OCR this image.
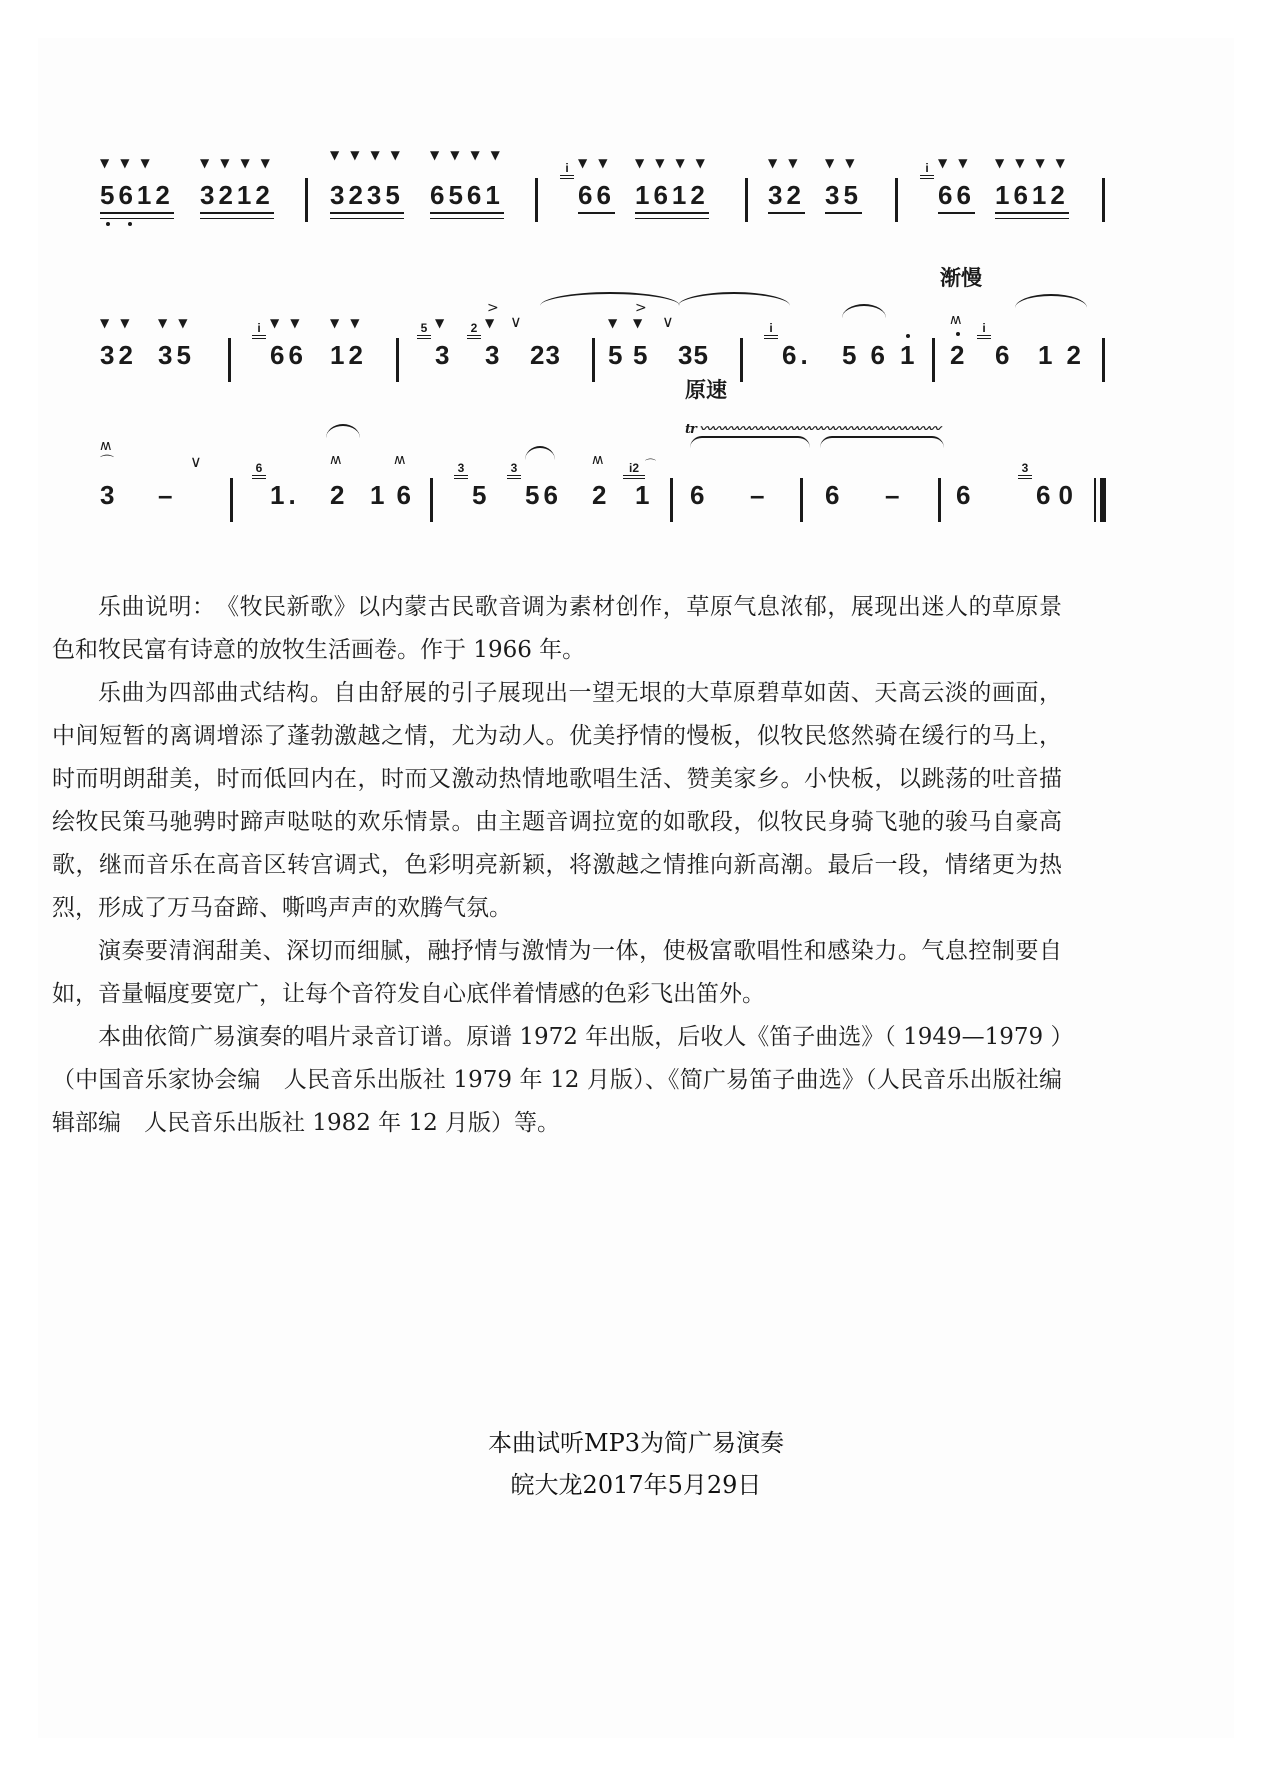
▼▼▼
5612
▼▼▼▼
3212
▼▼▼▼
3235
▼▼▼▼
6561
i ▼▼
66
▼▼▼▼
1612
▼▼
32
▼▼
35
i ▼▼
66
▼▼▼▼
1612
渐慢
▼▼
32
▼▼
35
i ▼▼
66
▼▼
12
5 ▼
3
>
2 ▼
3
∨
23
▼
5
>
▼
5
∨
35
i
6. 56 1
ʍ
2
i
6 12
原速
tr 〰〰〰〰〰〰〰〰〰〰〰〰〰〰〰〰〰〰〰〰
ʍ
⌒
3 –
∨	6
1.
ʍ
2
ʍ
16
3
5
3
56
ʍ
2
i2 ⌒
1 6 – 6 – 6
3
60

乐曲说明：　《牧民新歌》以内蒙古民歌音调为素材创作，草原气息浓郁，展现出迷人的草原景色和牧民富有诗意的放牧生活画卷。作于 1966 年。

乐曲为四部曲式结构。自由舒展的引子展现出一望无垠的大草原碧草如茵、天高云淡的画面，中间短暂的离调增添了蓬勃激越之情，尤为动人。优美抒情的慢板，似牧民悠然骑在缓行的马上，时而明朗甜美，时而低回内在，时而又激动热情地歌唱生活、赞美家乡。小快板，以跳荡的吐音描绘牧民策马驰骋时蹄声哒哒的欢乐情景。由主题音调拉宽的如歌段，似牧民身骑飞驰的骏马自豪高歌，继而音乐在高音区转宫调式，色彩明亮新颖，将激越之情推向新高潮。最后一段，情绪更为热烈，形成了万马奋蹄、嘶鸣声声的欢腾气氛。

演奏要清润甜美、深切而细腻，融抒情与激情为一体，使极富歌唱性和感染力。气息控制要自如，音量幅度要宽广，让每个音符发自心底伴着情感的色彩飞出笛外。

本曲依简广易演奏的唱片录音订谱。原谱 1972 年出版，后收人《笛子曲选》（ 1949—1979 ）（中国音乐家协会编　人民音乐出版社 1979 年 12 月版）、《简广易笛子曲选》（人民音乐出版社编辑部编　人民音乐出版社 1982 年 12 月版）等。

本曲试听MP3为简广易演奏
皖大龙2017年5月29日
